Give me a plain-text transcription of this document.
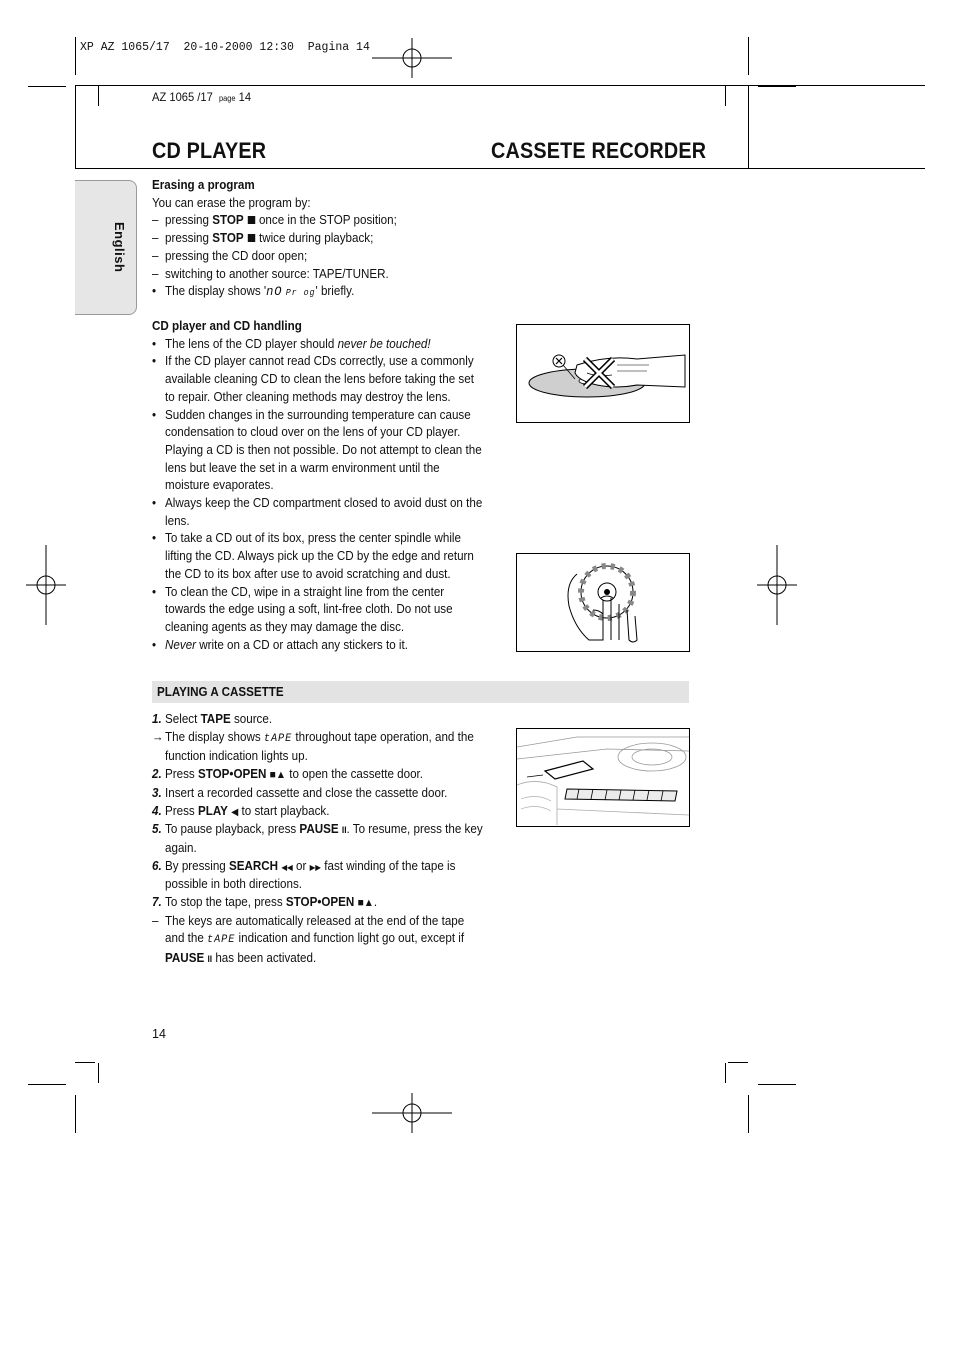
XP AZ 1065/17  20-10-2000 12:30  Pagina 14
AZ 1065 /17 page 14
CD PLAYER	CASSETE RECORDER
English

Erasing a program

You can erase the program by:

– pressing STOP once in the STOP position;
– pressing STOP twice during playback;
– pressing the CD door open;
– switching to another source: TAPE/TUNER.
• The display shows 'nO Pr og' briefly.

CD player and CD handling

• The lens of the CD player should never be touched!
• If the CD player cannot read CDs correctly, use a commonly available cleaning CD to clean the lens before taking the set to repair. Other cleaning methods may destroy the lens.
• Sudden changes in the surrounding temperature can cause condensation to cloud over on the lens of your CD player. Playing a CD is then not possible. Do not attempt to clean the lens but leave the set in a warm environment until the moisture evaporates.
• Always keep the CD compartment closed to avoid dust on the lens.
• To take a CD out of its box, press the center spindle while lifting the CD. Always pick up the CD by the edge and return the CD to its box after use to avoid scratching and dust.
• To clean the CD, wipe in a straight line from the center towards the edge using a soft, lint-free cloth. Do not use cleaning agents as they may damage the disc.
• Never write on a CD or attach any stickers to it.
PLAYING A CASSETTE
1. Select TAPE source.
→ The display shows tAPE throughout tape operation, and the function indication lights up.
2. Press STOP•OPEN ■▲ to open the cassette door.
3. Insert a recorded cassette and close the cassette door.
4. Press PLAY ◀ to start playback.
5. To pause playback, press PAUSE II. To resume, press the key again.
6. By pressing SEARCH ◀◀ or ▶▶ fast winding of the tape is possible in both directions.
7. To stop the tape, press STOP•OPEN ■▲.
– The keys are automatically released at the end of the tape and the tAPE indication and function light go out, except if PAUSE II has been activated.
14
